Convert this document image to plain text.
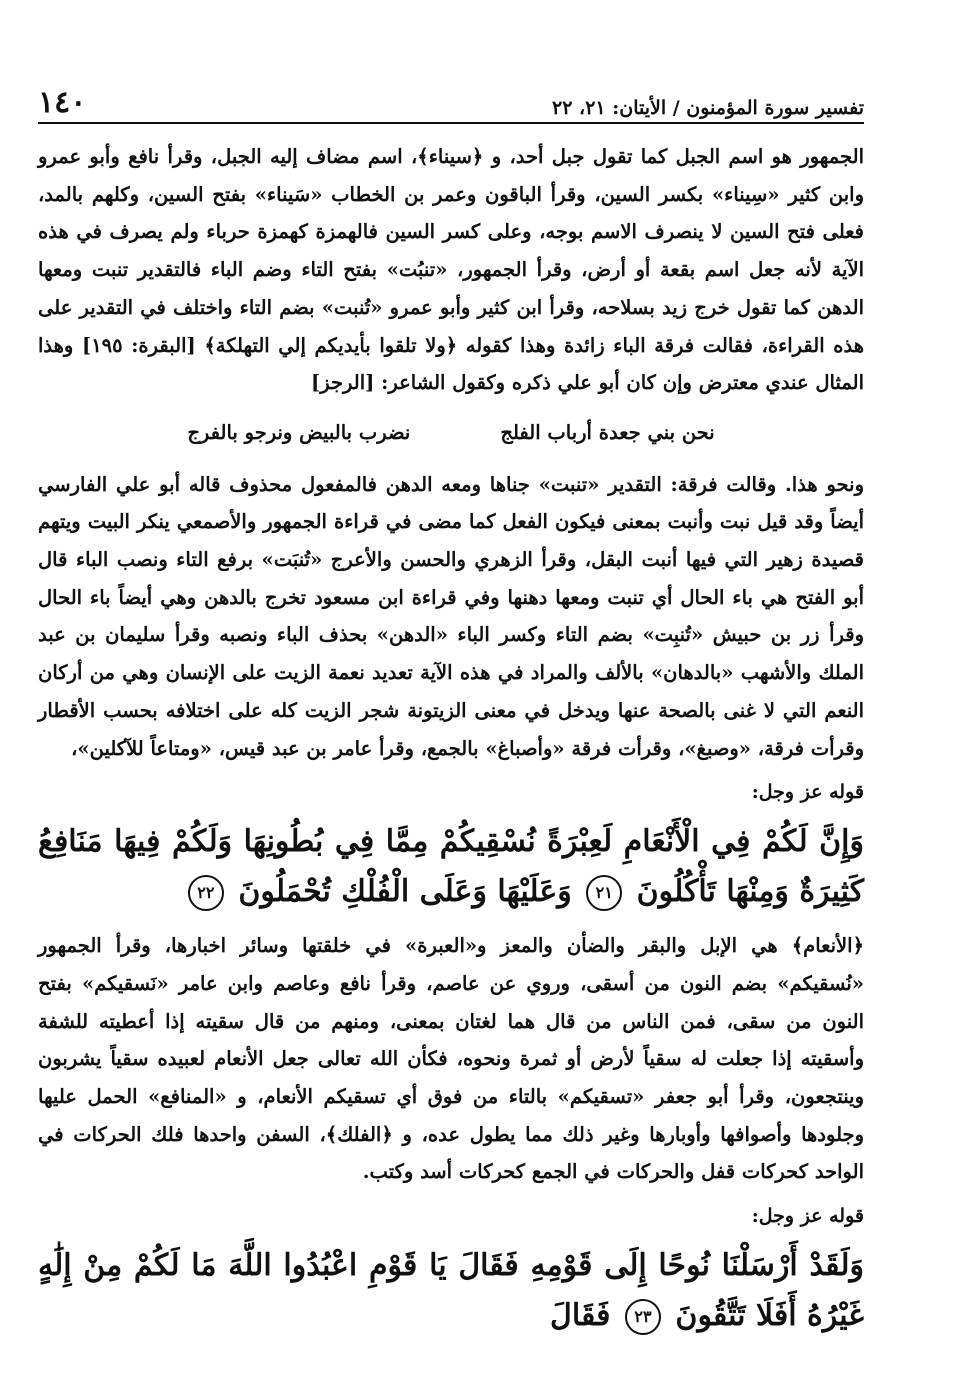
تفسير سورة المؤمنون / الأيتان: ٢١، ٢٢
١٤٠

الجمهور هو اسم الجبل كما تقول جبل أحد، و ﴿سيناء﴾، اسم مضاف إليه الجبل، وقرأ نافع وأبو عمرو وابن كثير «سِيناء» بكسر السين، وقرأ الباقون وعمر بن الخطاب «سَيناء» بفتح السين، وكلهم بالمد، فعلى فتح السين لا ينصرف الاسم بوجه، وعلى كسر السين فالهمزة كهمزة حرباء ولم يصرف في هذه الآية لأنه جعل اسم بقعة أو أرض، وقرأ الجمهور، «تنبُت» بفتح التاء وضم الباء فالتقدير تنبت ومعها الدهن كما تقول خرج زيد بسلاحه، وقرأ ابن كثير وأبو عمرو «تُنبت» بضم التاء واختلف في التقدير على هذه القراءة، فقالت فرقة الباء زائدة وهذا كقوله ﴿ولا تلقوا بأيديكم إلي التهلكة﴾ [البقرة: ١٩٥] وهذا المثال عندي معترض وإن كان أبو علي ذكره وكقول الشاعر: [الرجز]

نحن بني جعدة أرباب الفلج
نضرب بالبيض ونرجو بالفرج

ونحو هذا. وقالت فرقة: التقدير «تنبت» جناها ومعه الدهن فالمفعول محذوف قاله أبو علي الفارسي أيضاً وقد قيل نبت وأنبت بمعنى فيكون الفعل كما مضى في قراءة الجمهور والأصمعي ينكر البيت ويتهم قصيدة زهير التي فيها أنبت البقل، وقرأ الزهري والحسن والأعرج «تُنبَت» برفع التاء ونصب الباء قال أبو الفتح هي باء الحال أي تنبت ومعها دهنها وفي قراءة ابن مسعود تخرج بالدهن وهي أيضاً باء الحال وقرأ زر بن حبيش «تُنبِت» بضم التاء وكسر الباء «الدهن» بحذف الباء ونصبه وقرأ سليمان بن عبد الملك والأشهب «بالدهان» بالألف والمراد في هذه الآية تعديد نعمة الزيت على الإنسان وهي من أركان النعم التي لا غنى بالصحة عنها ويدخل في معنى الزيتونة شجر الزيت كله على اختلافه بحسب الأقطار وقرأت فرقة، «وصبغ»، وقرأت فرقة «وأصباغ» بالجمع، وقرأ عامر بن عبد قيس، «ومتاعاً للآكلين»،

قوله عز وجل:

وَإِنَّ لَكُمْ فِي الْأَنْعَامِ لَعِبْرَةً نُسْقِيكُمْ مِمَّا فِي بُطُونِهَا وَلَكُمْ فِيهَا مَنَافِعُ كَثِيرَةٌ وَمِنْهَا تَأْكُلُونَ ٢١ وَعَلَيْهَا وَعَلَى الْفُلْكِ تُحْمَلُونَ ٢٢

﴿الأنعام﴾ هي الإبل والبقر والضأن والمعز و«العبرة» في خلقتها وسائر اخبارها، وقرأ الجمهور «نُسقيكم» بضم النون من أسقى، وروي عن عاصم، وقرأ نافع وعاصم وابن عامر «نَسقيكم» بفتح النون من سقى، فمن الناس من قال هما لغتان بمعنى، ومنهم من قال سقيته إذا أعطيته للشفة وأسقيته إذا جعلت له سقياً لأرض أو ثمرة ونحوه، فكأن الله تعالى جعل الأنعام لعبيده سقياً يشربون وينتجعون، وقرأ أبو جعفر «تسقيكم» بالتاء من فوق أي تسقيكم الأنعام، و «المنافع» الحمل عليها وجلودها وأصوافها وأوبارها وغير ذلك مما يطول عده، و ﴿الفلك﴾، السفن واحدها فلك الحركات في الواحد كحركات قفل والحركات في الجمع كحركات أسد وكتب.

قوله عز وجل:

وَلَقَدْ أَرْسَلْنَا نُوحًا إِلَى قَوْمِهِ فَقَالَ يَا قَوْمِ اعْبُدُوا اللَّهَ مَا لَكُمْ مِنْ إِلَٰهٍ غَيْرُهُ أَفَلَا تَتَّقُونَ ٢٣ فَقَالَ
